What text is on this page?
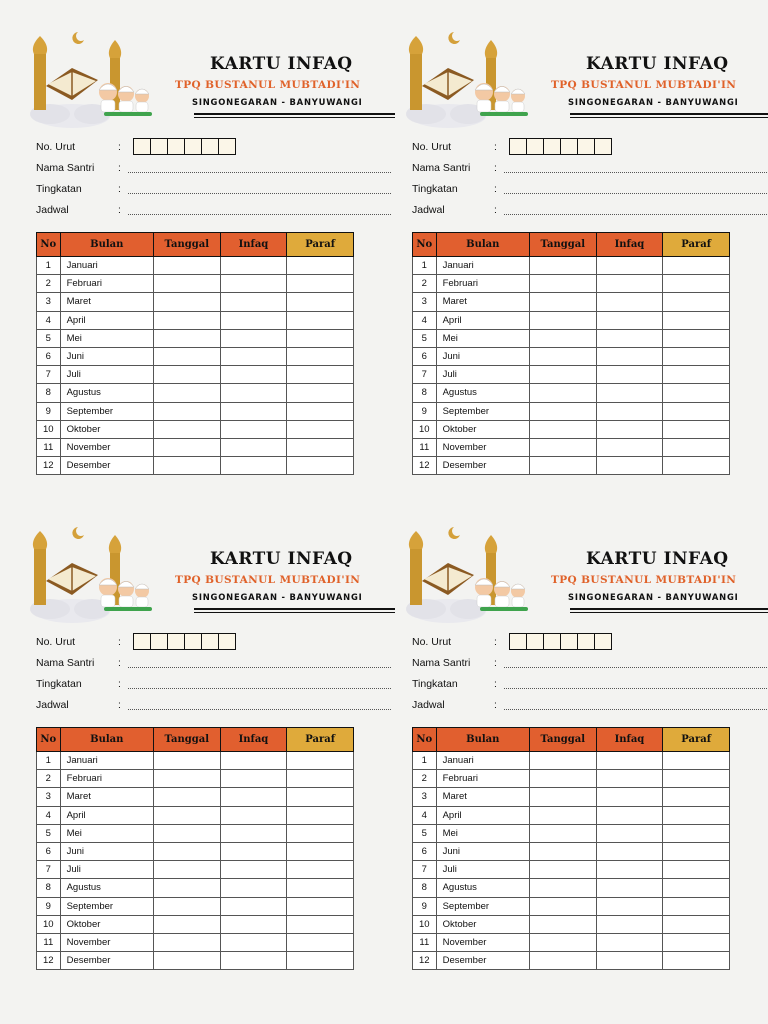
KARTU INFAQ
TPQ BUSTANUL MUBTADI'IN
SINGONEGARAN - BANYUWANGI
No. Urut	:
Nama Santri :
Tingkatan	:
Jadwal	:
No	Bulan	Tanggal	Infaq	Paraf
1	Januari			
2	Februari			
3	Maret			
4	April			
5	Mei			
6	Juni			
7	Juli			
8	Agustus			
9	September			
10	Oktober			
11	November			
12	Desember			
KARTU INFAQ
TPQ BUSTANUL MUBTADI'IN
SINGONEGARAN - BANYUWANGI
No. Urut	:
Nama Santri :
Tingkatan	:
Jadwal	:
No	Bulan	Tanggal	Infaq	Paraf
1	Januari			
2	Februari			
3	Maret			
4	April			
5	Mei			
6	Juni			
7	Juli			
8	Agustus			
9	September			
10	Oktober			
11	November			
12	Desember			
KARTU INFAQ
TPQ BUSTANUL MUBTADI'IN
SINGONEGARAN - BANYUWANGI
No. Urut	:
Nama Santri :
Tingkatan	:
Jadwal	:
No	Bulan	Tanggal	Infaq	Paraf
1	Januari			
2	Februari			
3	Maret			
4	April			
5	Mei			
6	Juni			
7	Juli			
8	Agustus			
9	September			
10	Oktober			
11	November			
12	Desember			
KARTU INFAQ
TPQ BUSTANUL MUBTADI'IN
SINGONEGARAN - BANYUWANGI
No. Urut	:
Nama Santri :
Tingkatan	:
Jadwal	:
No	Bulan	Tanggal	Infaq	Paraf
1	Januari			
2	Februari			
3	Maret			
4	April			
5	Mei			
6	Juni			
7	Juli			
8	Agustus			
9	September			
10	Oktober			
11	November			
12	Desember			
